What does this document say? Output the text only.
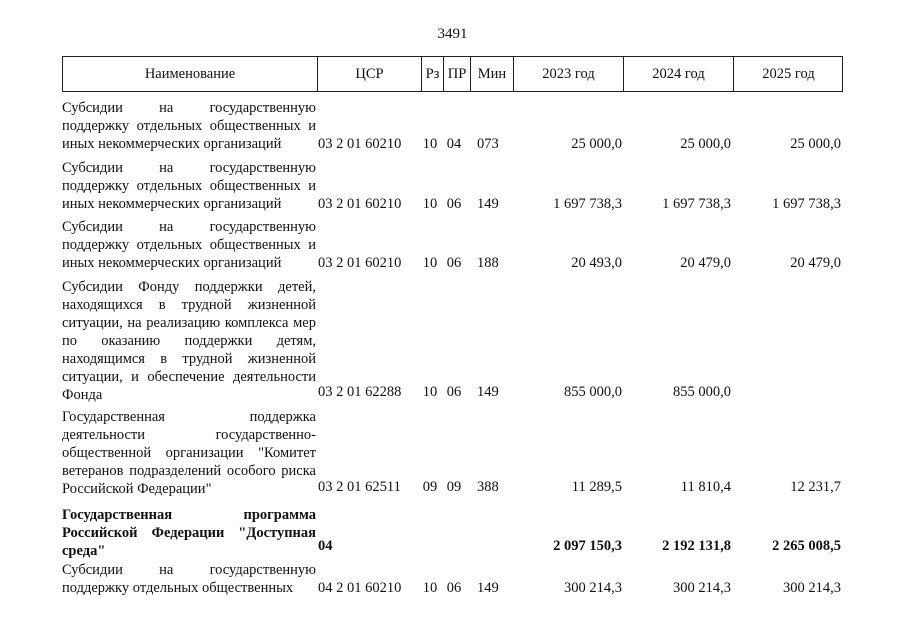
3491
Наименование	ЦСР	Рз ПР Мин	2023 год	2024 год	2025 год
Субсидии на государственную поддержку отдельных общественных и иных некоммерческих организаций	03 2 01 60210 10 04 073	25 000,0	25 000,0	25 000,0
Субсидии на государственную поддержку отдельных общественных и иных некоммерческих организаций	03 2 01 60210 10 06 149	1 697 738,3	1 697 738,3	1 697 738,3
Субсидии на государственную поддержку отдельных общественных и иных некоммерческих организаций	03 2 01 60210 10 06 188	20 493,0	20 479,0	20 479,0
Субсидии Фонду поддержки детей, находящихся в трудной жизненной ситуации, на реализацию комплекса мер по оказанию поддержки детям, находящимся в трудной жизненной ситуации, и обеспечение деятельности Фонда	03 2 01 62288 10 06 149	855 000,0	855 000,0
Государственная поддержка деятельности государственно-общественной организации "Комитет ветеранов подразделений особого риска Российской Федерации"	03 2 01 62511 09 09 388	11 289,5	11 810,4	12 231,7
Государственная программа Российской Федерации "Доступная среда"	04	2 097 150,3	2 192 131,8	2 265 008,5
Субсидии на государственную поддержку отдельных общественных	04 2 01 60210 10 06 149	300 214,3	300 214,3	300 214,3
